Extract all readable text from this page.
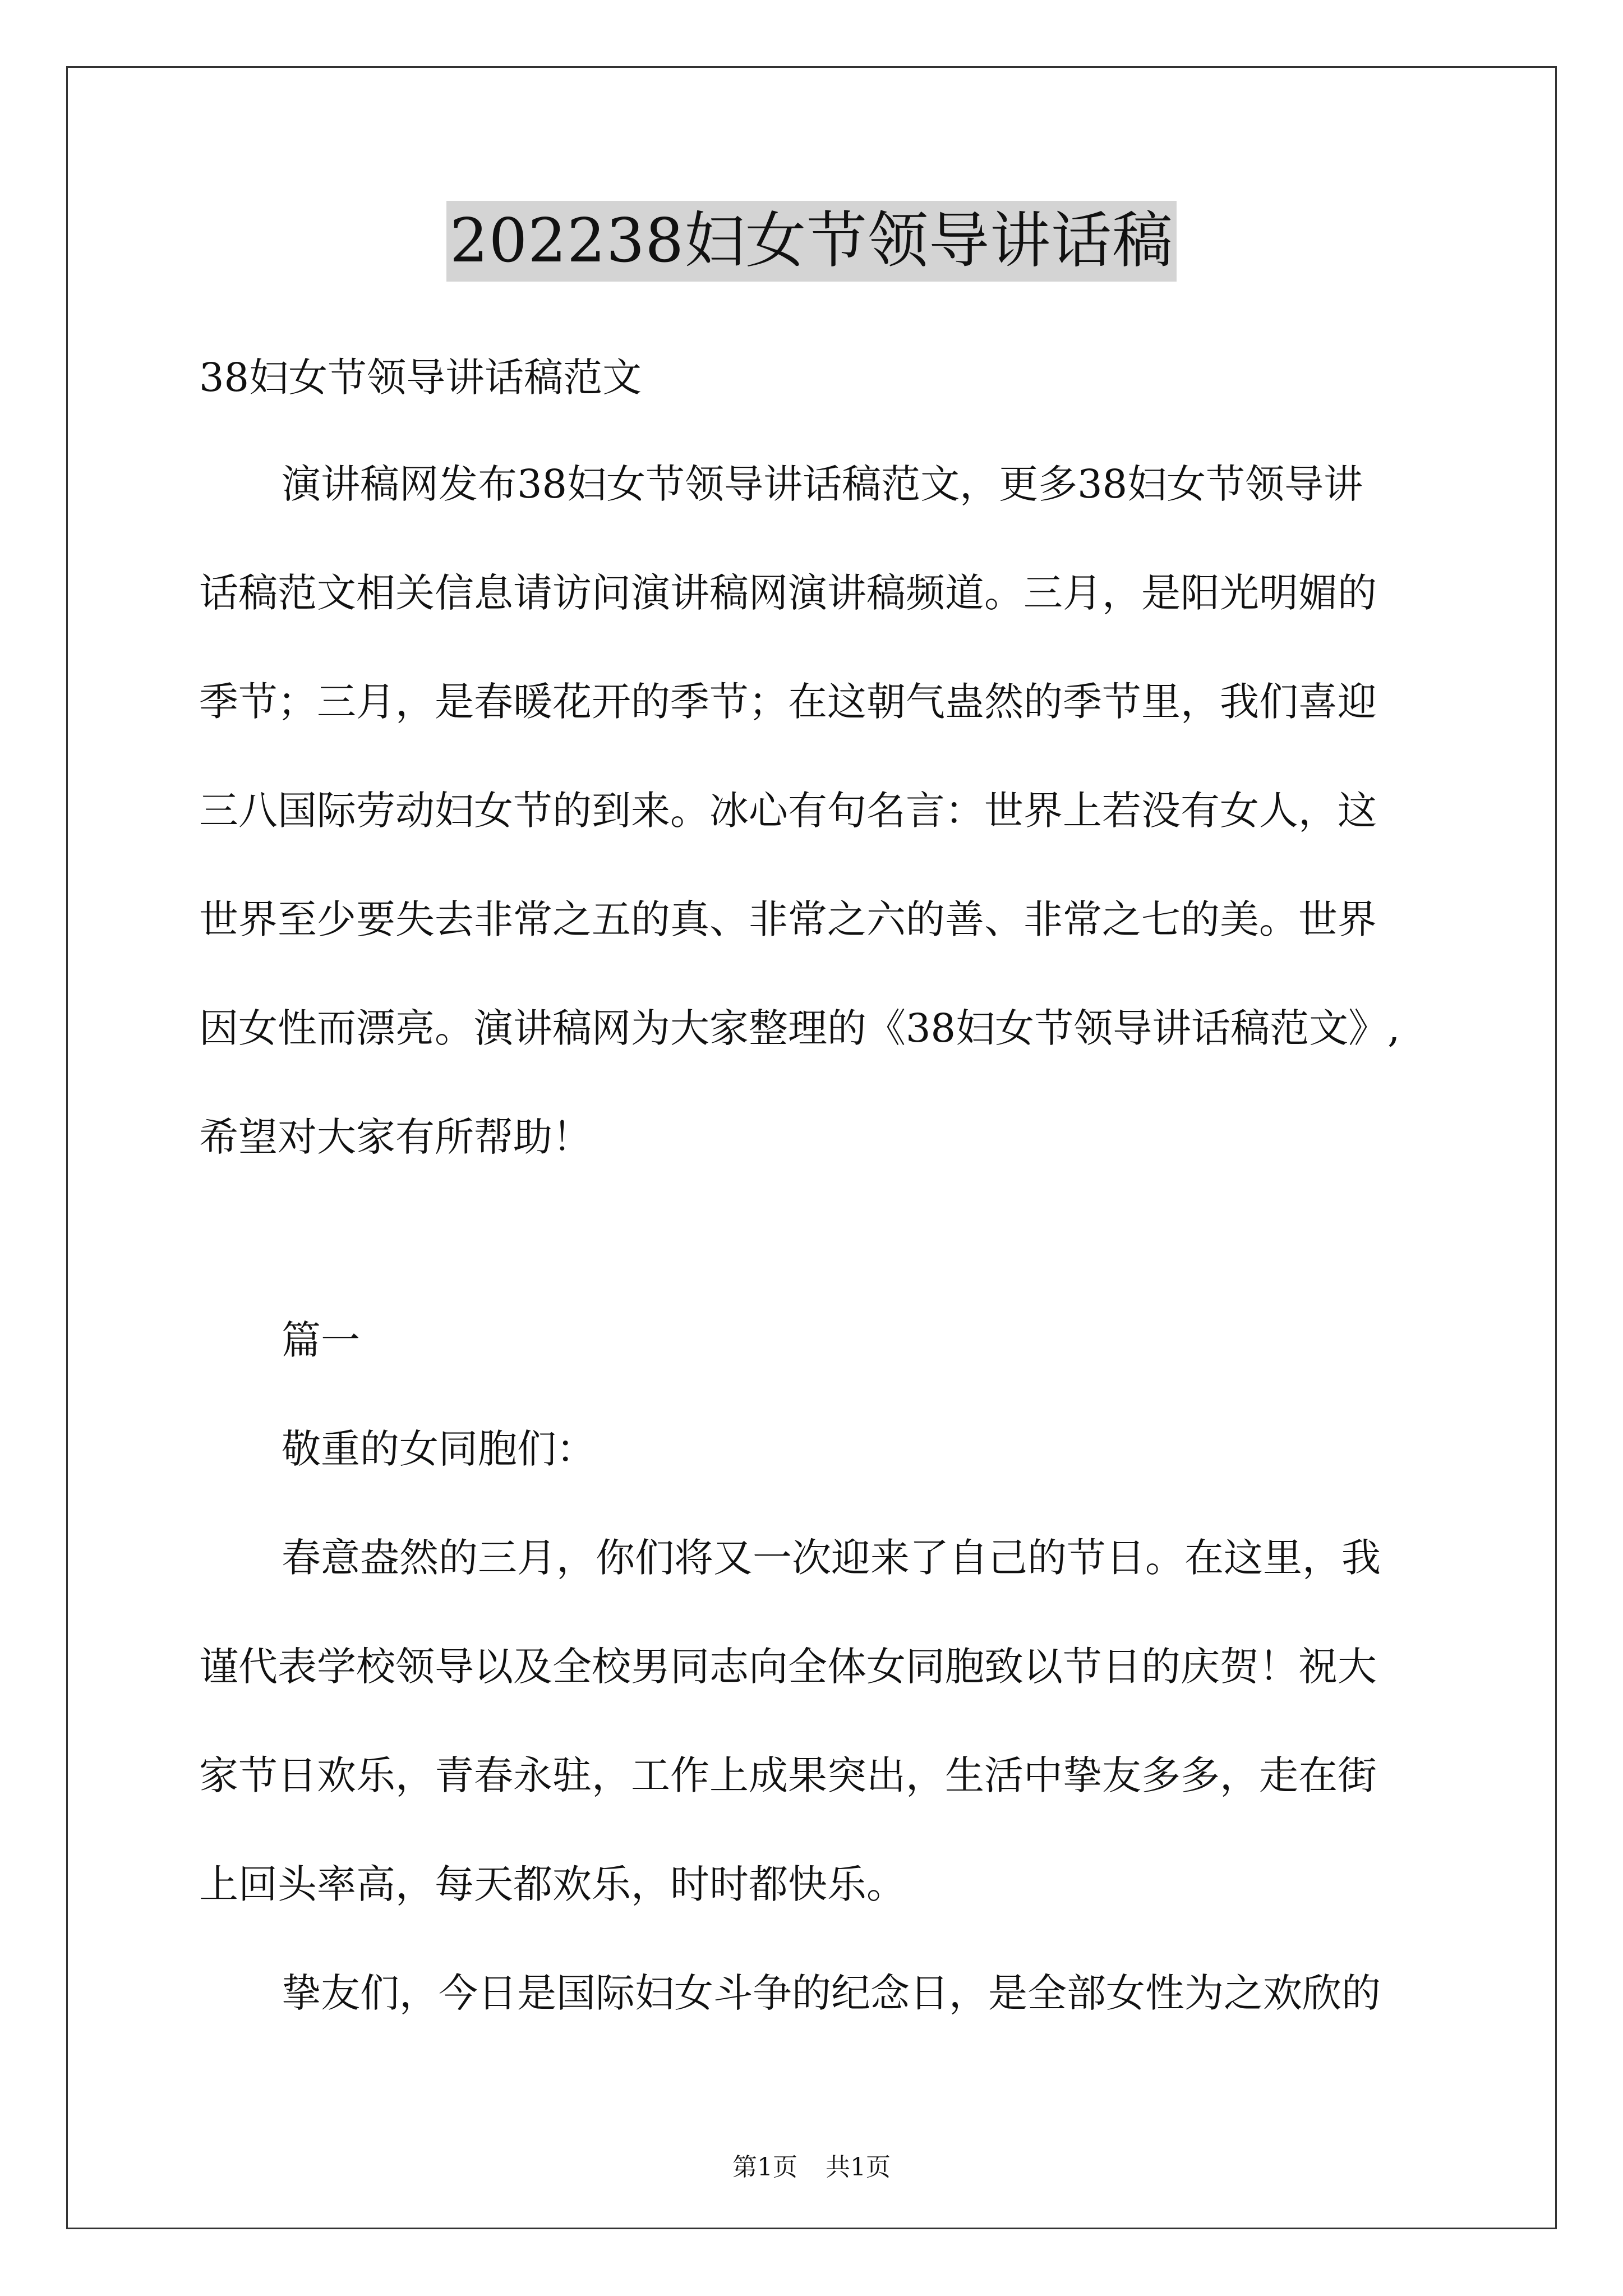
202238妇女节领导讲话稿
38妇女节领导讲话稿范文
演讲稿网发布38妇女节领导讲话稿范文，更多38妇女节领导讲
话稿范文相关信息请访问演讲稿网演讲稿频道。三月，是阳光明媚的
季节；三月，是春暖花开的季节；在这朝气蛊然的季节里，我们喜迎
三八国际劳动妇女节的到来。冰心有句名言：世界上若没有女人，这
世界至少要失去非常之五的真、非常之六的善、非常之七的美。世界
因女性而漂亮。演讲稿网为大家整理的《38妇女节领导讲话稿范文》,
希望对大家有所帮助！
篇一
敬重的女同胞们：
春意盎然的三月，你们将又一次迎来了自己的节日。在这里，我
谨代表学校领导以及全校男同志向全体女同胞致以节日的庆贺！祝大
家节日欢乐，青春永驻，工作上成果突出，生活中挚友多多，走在街
上回头率高，每天都欢乐，时时都快乐。
挚友们，今日是国际妇女斗争的纪念日，是全部女性为之欢欣的
第1页 共1页
